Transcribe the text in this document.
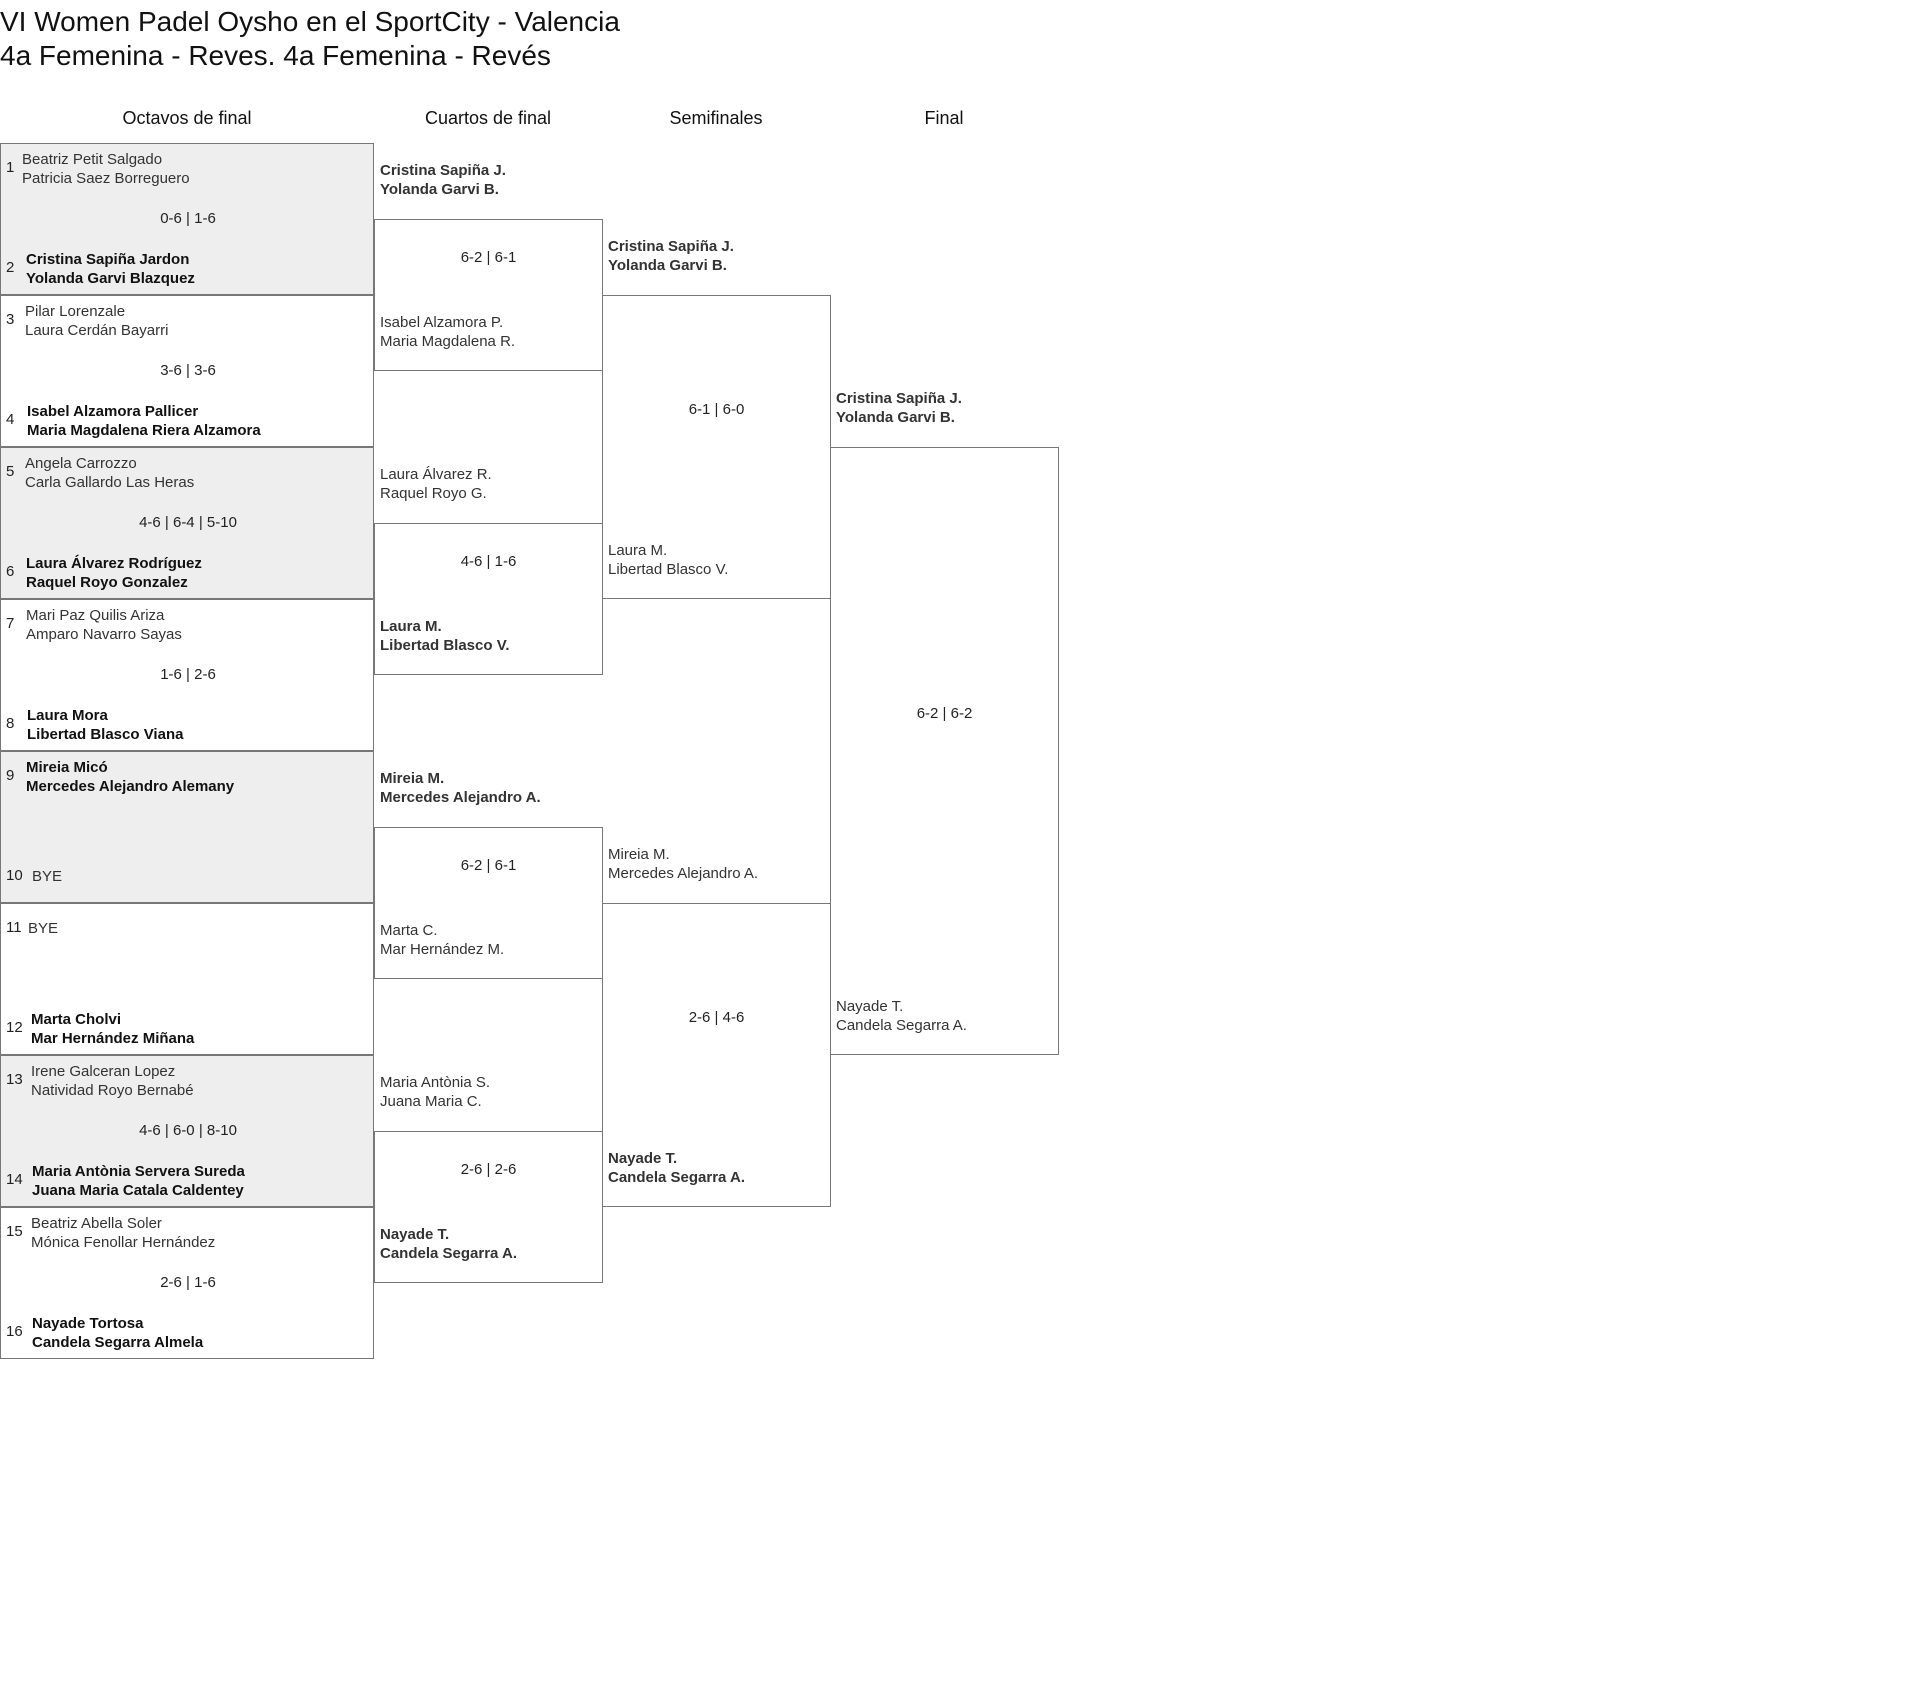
VI Women Padel Oysho en el SportCity - Valencia
4a Femenina - Reves. 4a Femenina - Revés
Octavos de final	Cuartos de final	Semifinales	Final
1 Beatriz Petit Salgado
Patricia Saez Borreguero
0-6 | 1-6
2 Cristina Sapiña Jardon
Yolanda Garvi Blazquez
3 Pilar Lorenzale
Laura Cerdán Bayarri
3-6 | 3-6
4 Isabel Alzamora Pallicer
Maria Magdalena Riera Alzamora
5 Angela Carrozzo
Carla Gallardo Las Heras
4-6 | 6-4 | 5-10
6 Laura Álvarez Rodríguez
Raquel Royo Gonzalez
7 Mari Paz Quilis Ariza
Amparo Navarro Sayas
1-6 | 2-6
8 Laura Mora
Libertad Blasco Viana
9 Mireia Micó
Mercedes Alejandro Alemany
10 BYE
11 BYE
12 Marta Cholvi
Mar Hernández Miñana
13 Irene Galceran Lopez
Natividad Royo Bernabé
4-6 | 6-0 | 8-10
14 Maria Antònia Servera Sureda
Juana Maria Catala Caldentey
15 Beatriz Abella Soler
Mónica Fenollar Hernández
2-6 | 1-6
16 Nayade Tortosa
Candela Segarra Almela
Cristina Sapiña J.
Yolanda Garvi B.
6-2 | 6-1
Isabel Alzamora P.
Maria Magdalena R.
Laura Álvarez R.
Raquel Royo G.
4-6 | 1-6
Laura M.
Libertad Blasco V.
Mireia M.
Mercedes Alejandro A.
6-2 | 6-1
Marta C.
Mar Hernández M.
Maria Antònia S.
Juana Maria C.
2-6 | 2-6
Nayade T.
Candela Segarra A.
Cristina Sapiña J.
Yolanda Garvi B.
6-1 | 6-0
Laura M.
Libertad Blasco V.
Mireia M.
Mercedes Alejandro A.
2-6 | 4-6
Nayade T.
Candela Segarra A.
Cristina Sapiña J.
Yolanda Garvi B.
6-2 | 6-2
Nayade T.
Candela Segarra A.
